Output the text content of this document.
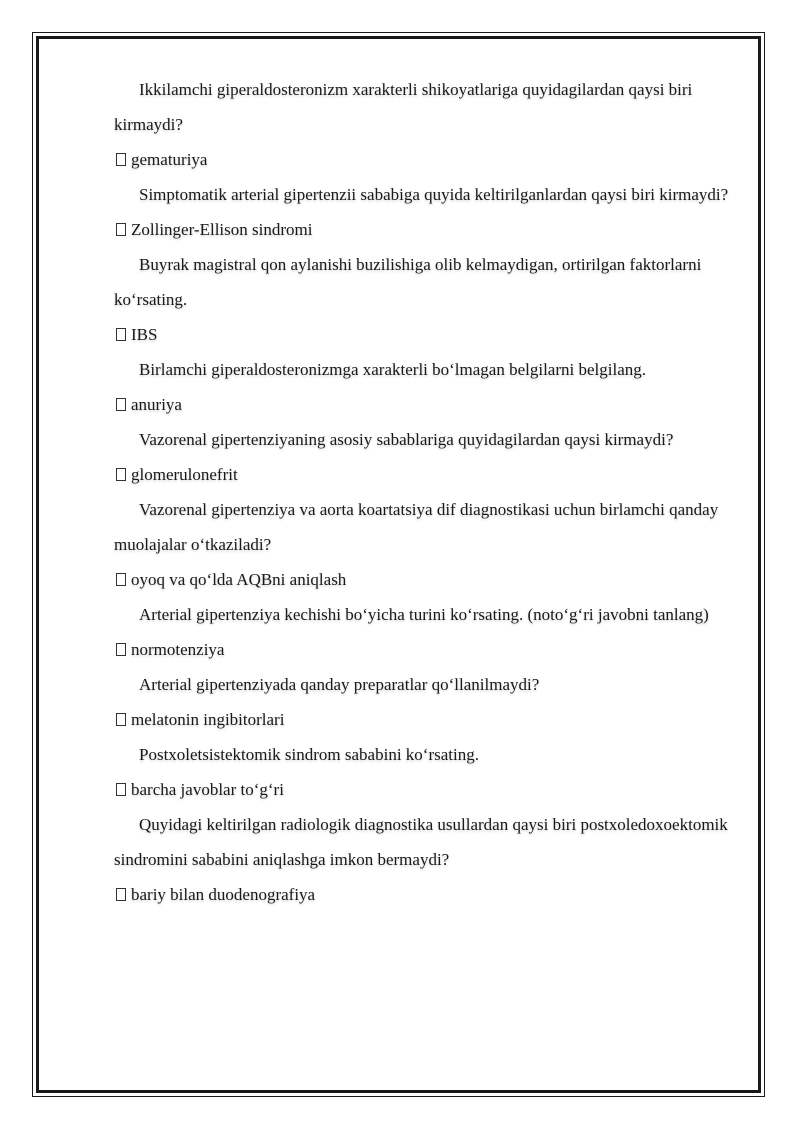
Ikkilamchi giperaldosteronizm xarakterli shikoyatlariga quyidagilardan qaysi biri kirmaydi?

gematuriya

Simptomatik arterial gipertenzii sababiga quyida keltirilganlardan qaysi biri kirmaydi?

Zollinger-Ellison sindromi

Buyrak magistral qon aylanishi buzilishiga olib kelmaydigan, ortirilgan faktorlarni ko‘rsating.

IBS

Birlamchi giperaldosteronizmga xarakterli bo‘lmagan belgilarni belgilang.

anuriya

Vazorenal gipertenziyaning asosiy sabablariga quyidagilardan qaysi kirmaydi?

glomerulonefrit

Vazorenal gipertenziya va aorta koartatsiya dif diagnostikasi uchun birlamchi qanday muolajalar o‘tkaziladi?

oyoq va qo‘lda AQBni aniqlash

Arterial gipertenziya kechishi bo‘yicha turini ko‘rsating. (noto‘g‘ri javobni tanlang)

normotenziya

Arterial gipertenziyada qanday preparatlar qo‘llanilmaydi?

melatonin ingibitorlari

Postxoletsistektomik sindrom sababini ko‘rsating.

barcha javoblar to‘g‘ri

Quyidagi keltirilgan radiologik diagnostika usullardan qaysi biri postxoledoxoektomik sindromini sababini aniqlashga imkon bermaydi?

bariy bilan duodenografiya
